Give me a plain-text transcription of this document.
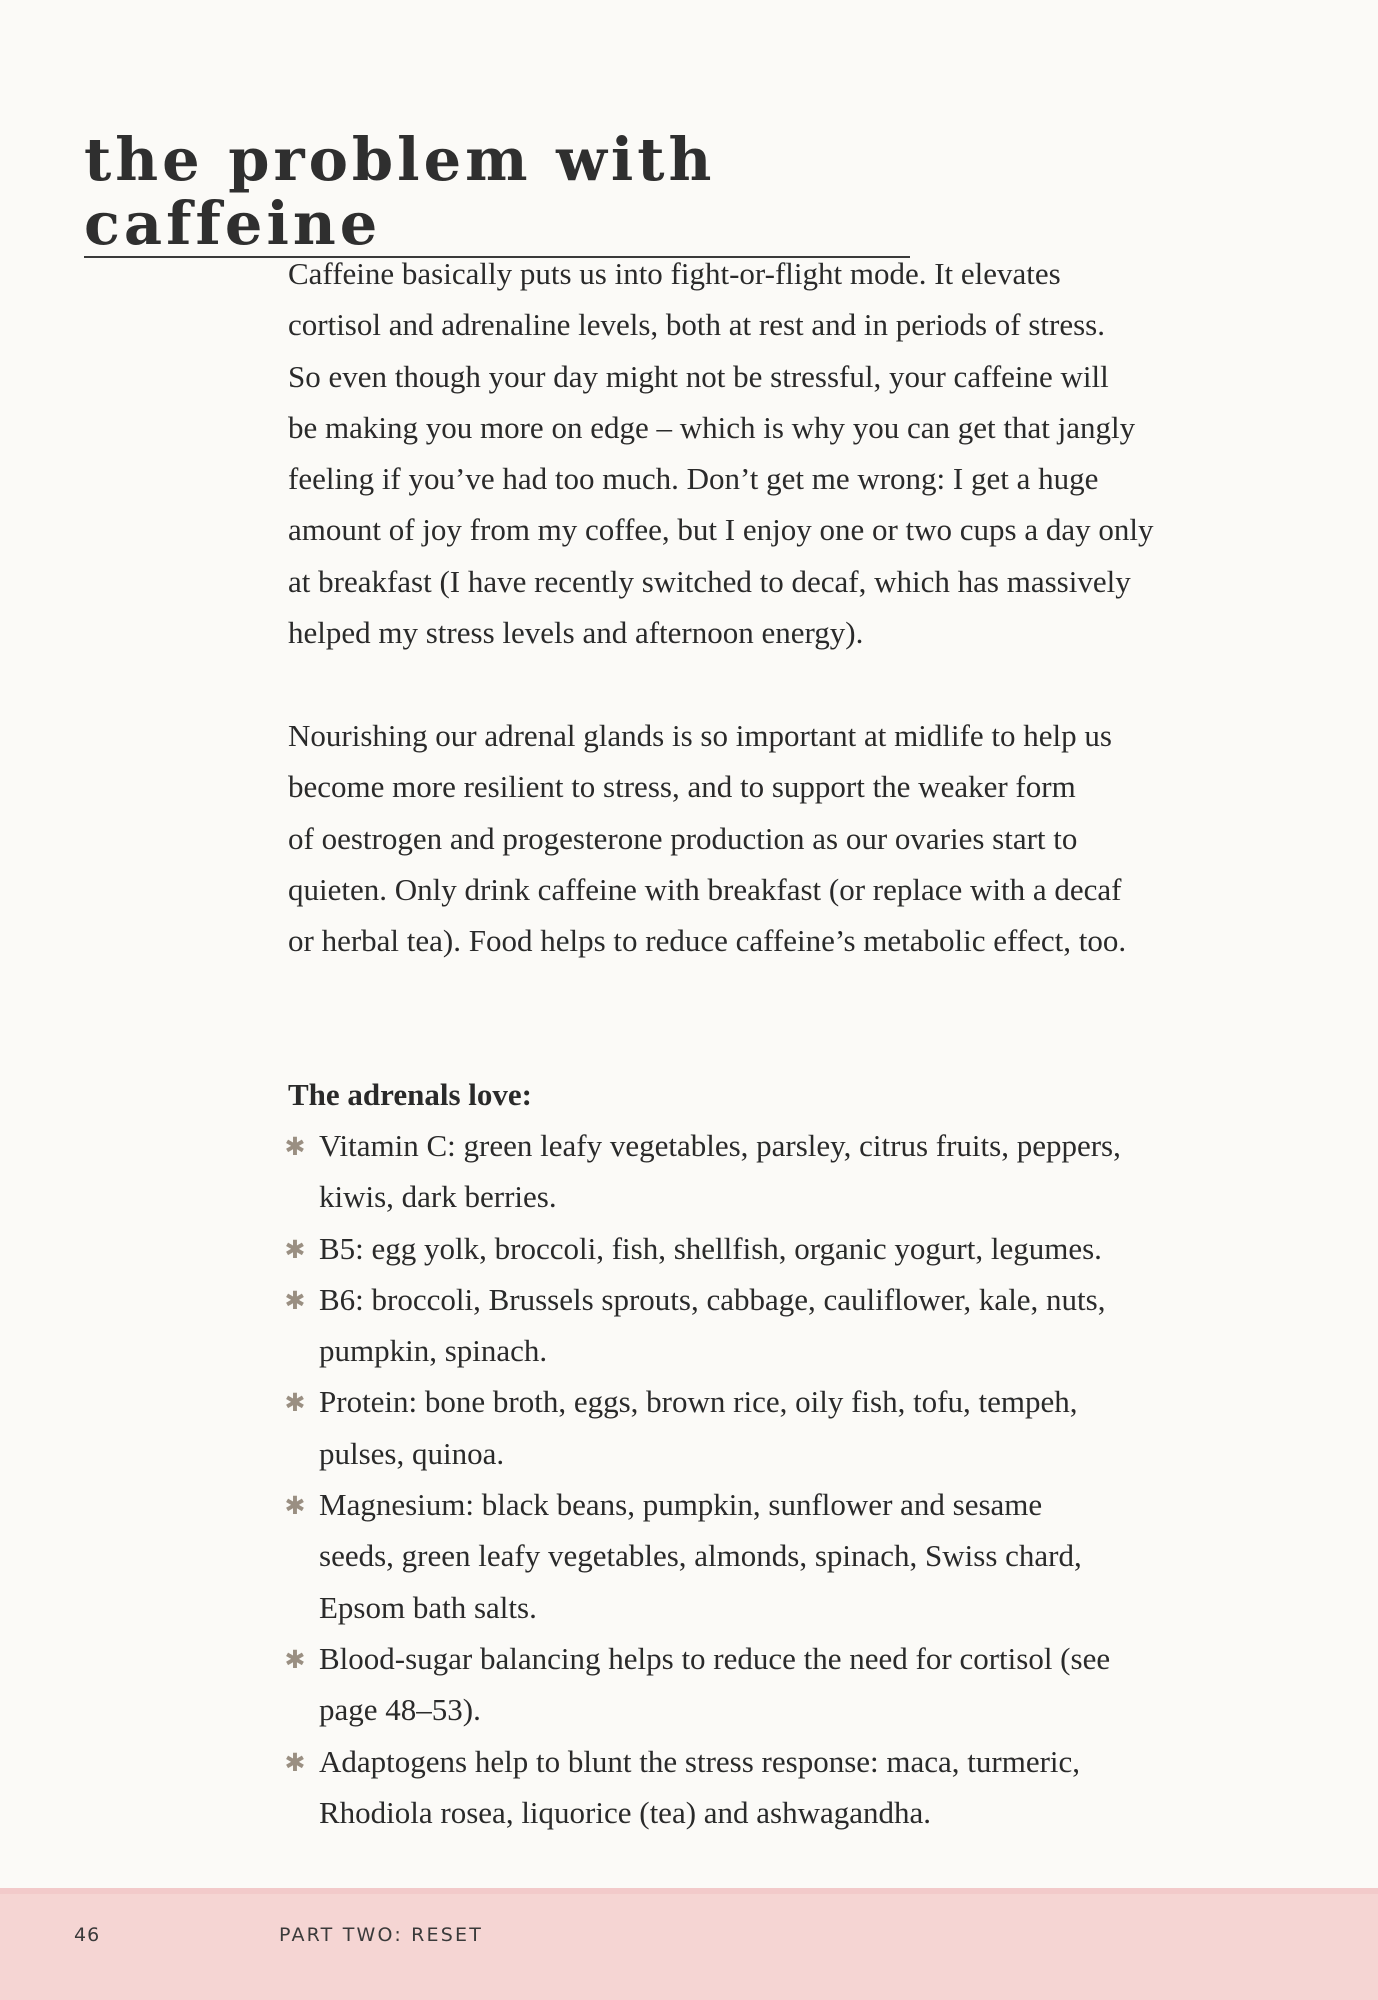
the problem with caffeine
Caffeine basically puts us into fight-or-flight mode. It elevates
cortisol and adrenaline levels, both at rest and in periods of stress.
So even though your day might not be stressful, your caffeine will
be making you more on edge – which is why you can get that jangly
feeling if you’ve had too much. Don’t get me wrong: I get a huge
amount of joy from my coffee, but I enjoy one or two cups a day only
at breakfast (I have recently switched to decaf, which has massively
helped my stress levels and afternoon energy).
Nourishing our adrenal glands is so important at midlife to help us
become more resilient to stress, and to support the weaker form
of oestrogen and progesterone production as our ovaries start to
quieten. Only drink caffeine with breakfast (or replace with a decaf
or herbal tea). Food helps to reduce caffeine’s metabolic effect, too.
The adrenals love:
✱ Vitamin C: green leafy vegetables, parsley, citrus fruits, peppers,
kiwis, dark berries.
✱ B5: egg yolk, broccoli, fish, shellfish, organic yogurt, legumes.
✱ B6: broccoli, Brussels sprouts, cabbage, cauliflower, kale, nuts,
pumpkin, spinach.
✱ Protein: bone broth, eggs, brown rice, oily fish, tofu, tempeh,
pulses, quinoa.
✱ Magnesium: black beans, pumpkin, sunflower and sesame
seeds, green leafy vegetables, almonds, spinach, Swiss chard,
Epsom bath salts.
✱ Blood-sugar balancing helps to reduce the need for cortisol (see
page 48–53).
✱ Adaptogens help to blunt the stress response: maca, turmeric,
Rhodiola rosea, liquorice (tea) and ashwagandha.
46	PART TWO: RESET
